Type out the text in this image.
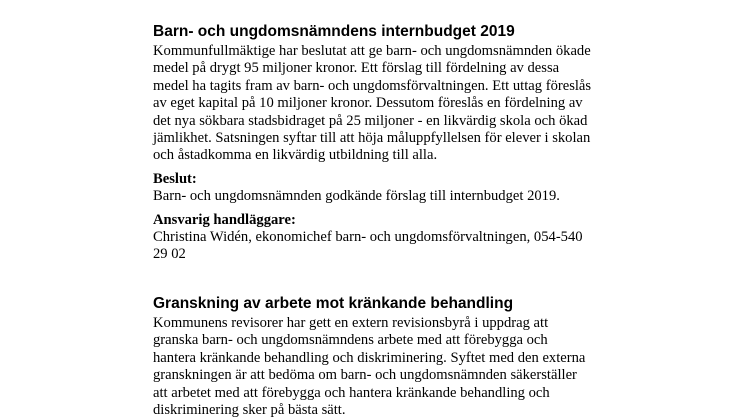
Barn- och ungdomsnämndens internbudget 2019

Kommunfullmäktige har beslutat att ge barn- och ungdomsnämnden ökade medel på drygt 95 miljoner kronor. Ett förslag till fördelning av dessa medel ha tagits fram av barn- och ungdomsförvaltningen. Ett uttag föreslås av eget kapital på 10 miljoner kronor. Dessutom föreslås en fördelning av det nya sökbara stadsbidraget på 25 miljoner - en likvärdig skola och ökad jämlikhet. Satsningen syftar till att höja måluppfyllelsen för elever i skolan och åstadkomma en likvärdig utbildning till alla.

Beslut:

Barn- och ungdomsnämnden godkände förslag till internbudget 2019.

Ansvarig handläggare:

Christina Widén, ekonomichef barn- och ungdomsförvaltningen, 054-540 29 02

Granskning av arbete mot kränkande behandling

Kommunens revisorer har gett en extern revisionsbyrå i uppdrag att granska barn- och ungdomsnämndens arbete med att förebygga och hantera kränkande behandling och diskriminering. Syftet med den externa granskningen är att bedöma om barn- och ungdomsnämnden säkerställer att arbetet med att förebygga och hantera kränkande behandling och diskriminering sker på bästa sätt.
